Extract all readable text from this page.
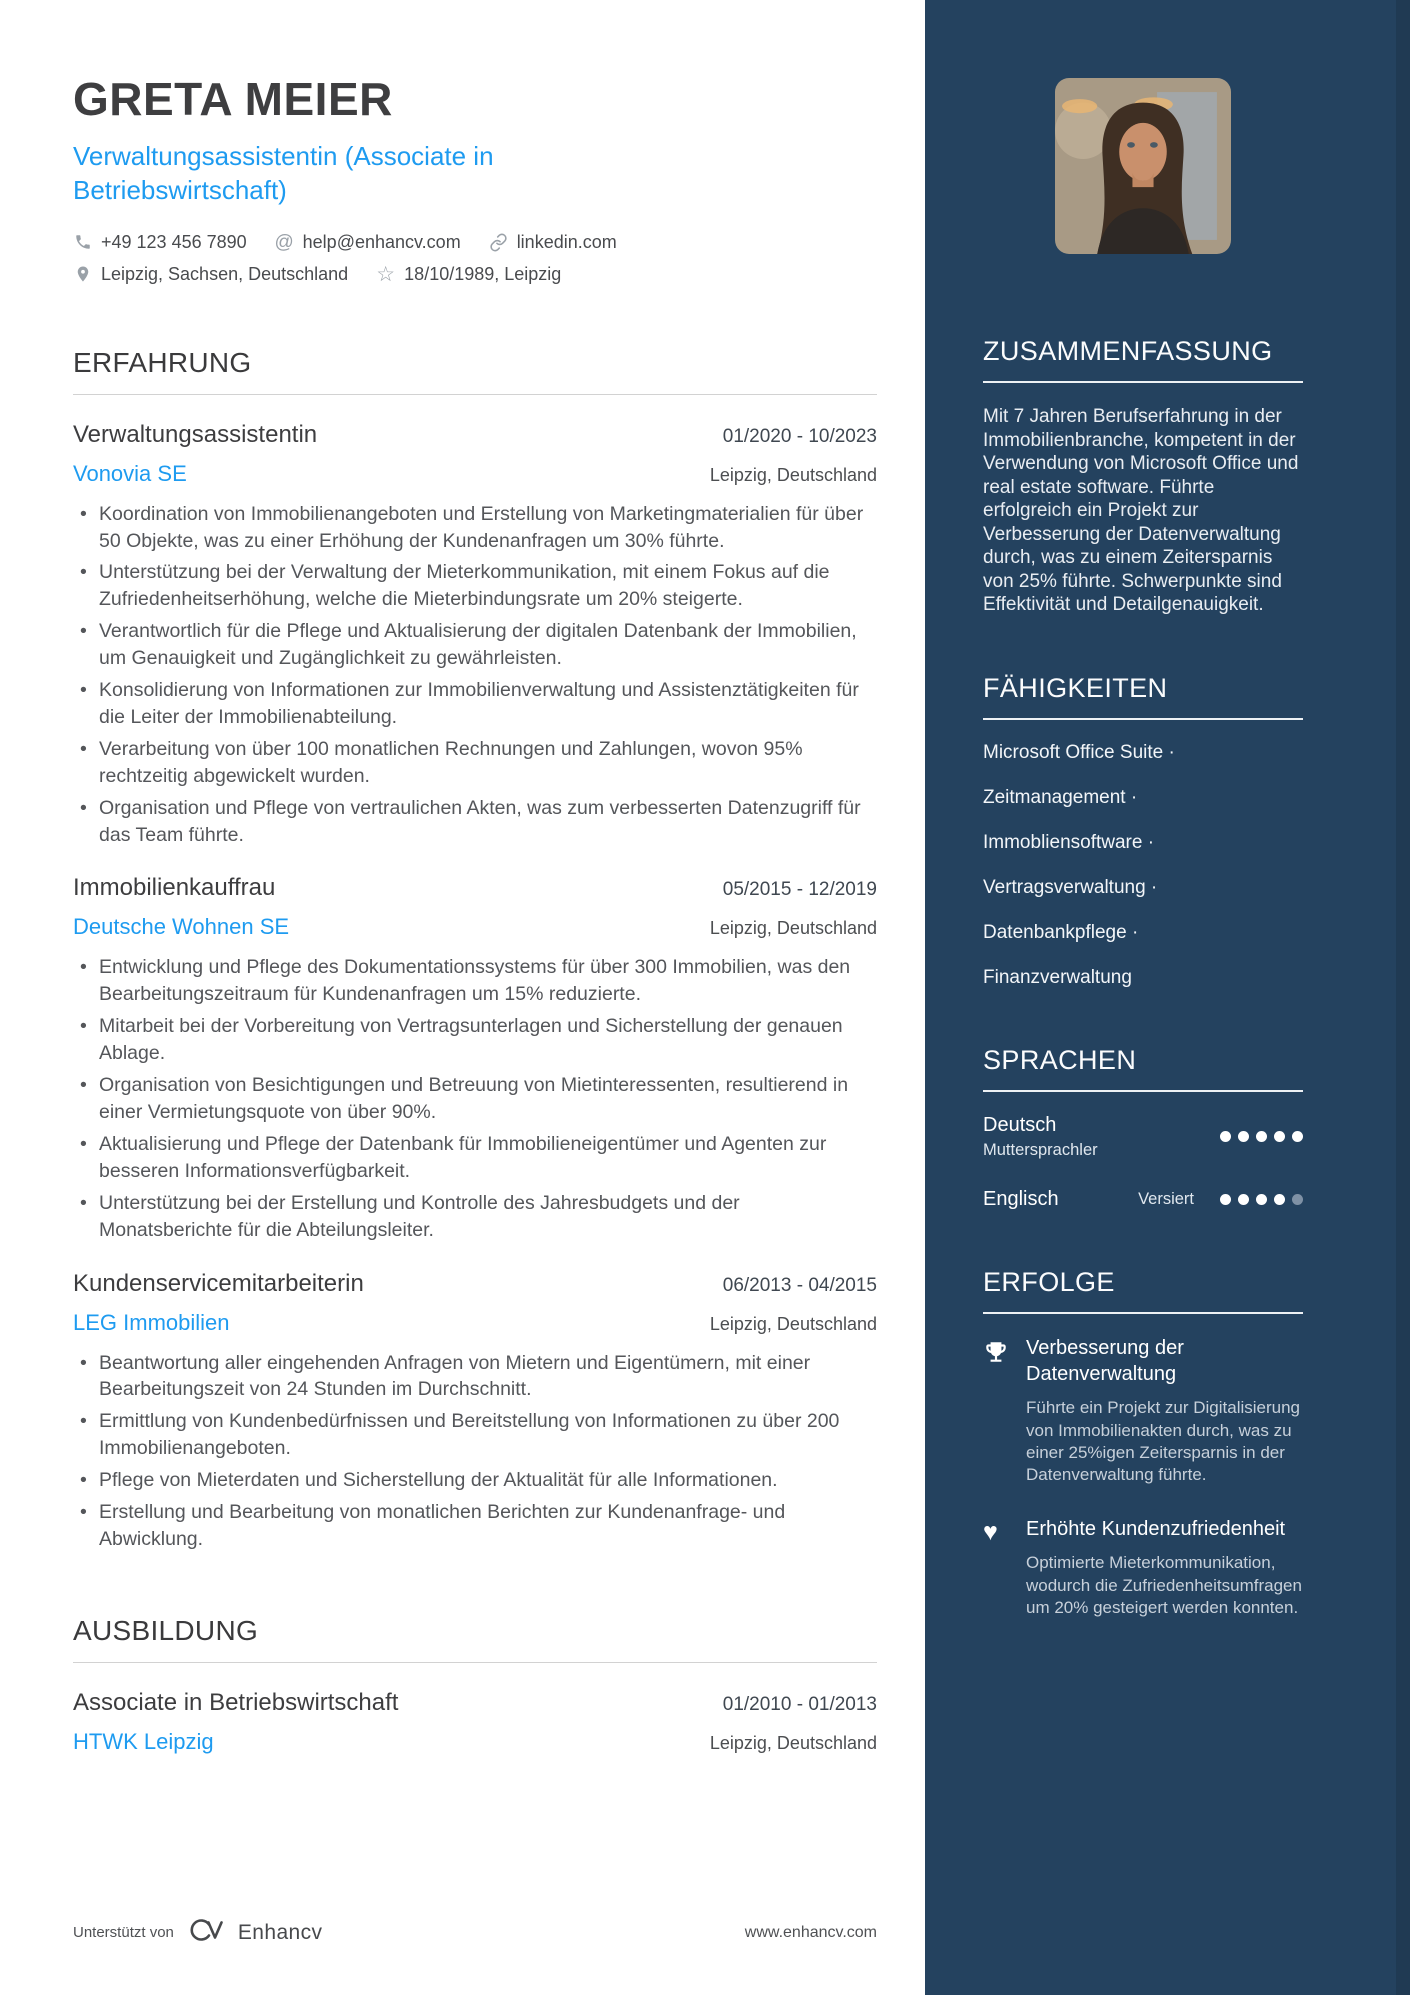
GRETA MEIER
Verwaltungsassistentin (Associate in Betriebswirtschaft)
+49 123 456 7890 @ help@enhancv.com	linkedin.com
Leipzig, Sachsen, Deutschland ☆ 18/10/1989, Leipzig
ERFAHRUNG
Verwaltungsassistentin	01/2020 - 10/2023
Vonovia SE	Leipzig, Deutschland
• Koordination von Immobilienangeboten und Erstellung von Marketingmaterialien für über 50 Objekte, was zu einer Erhöhung der Kundenanfragen um 30% führte.
• Unterstützung bei der Verwaltung der Mieterkommunikation, mit einem Fokus auf die Zufriedenheitserhöhung, welche die Mieterbindungsrate um 20% steigerte.
• Verantwortlich für die Pflege und Aktualisierung der digitalen Datenbank der Immobilien, um Genauigkeit und Zugänglichkeit zu gewährleisten.
• Konsolidierung von Informationen zur Immobilienverwaltung und Assistenztätigkeiten für die Leiter der Immobilienabteilung.
• Verarbeitung von über 100 monatlichen Rechnungen und Zahlungen, wovon 95% rechtzeitig abgewickelt wurden.
• Organisation und Pflege von vertraulichen Akten, was zum verbesserten Datenzugriff für das Team führte.
Immobilienkauffrau	05/2015 - 12/2019
Deutsche Wohnen SE	Leipzig, Deutschland
• Entwicklung und Pflege des Dokumentationssystems für über 300 Immobilien, was den Bearbeitungszeitraum für Kundenanfragen um 15% reduzierte.
• Mitarbeit bei der Vorbereitung von Vertragsunterlagen und Sicherstellung der genauen Ablage.
• Organisation von Besichtigungen und Betreuung von Mietinteressenten, resultierend in einer Vermietungsquote von über 90%.
• Aktualisierung und Pflege der Datenbank für Immobilieneigentümer und Agenten zur besseren Informationsverfügbarkeit.
• Unterstützung bei der Erstellung und Kontrolle des Jahresbudgets und der Monatsberichte für die Abteilungsleiter.
Kundenservicemitarbeiterin	06/2013 - 04/2015
LEG Immobilien	Leipzig, Deutschland
• Beantwortung aller eingehenden Anfragen von Mietern und Eigentümern, mit einer Bearbeitungszeit von 24 Stunden im Durchschnitt.
• Ermittlung von Kundenbedürfnissen und Bereitstellung von Informationen zu über 200 Immobilienangeboten.
• Pflege von Mieterdaten und Sicherstellung der Aktualität für alle Informationen.
• Erstellung und Bearbeitung von monatlichen Berichten zur Kundenanfrage- und Abwicklung.
AUSBILDUNG
Associate in Betriebswirtschaft	01/2010 - 01/2013
HTWK Leipzig	Leipzig, Deutschland
Unterstützt von	Enhancv	www.enhancv.com
ZUSAMMENFASSUNG
Mit 7 Jahren Berufserfahrung in der Immobilienbranche, kompetent in der Verwendung von Microsoft Office und real estate software. Führte erfolgreich ein Projekt zur Verbesserung der Datenverwaltung durch, was zu einem Zeitersparnis von 25% führte. Schwerpunkte sind Effektivität und Detailgenauigkeit.
FÄHIGKEITEN
Microsoft Office Suite ·
Zeitmanagement ·
Immobliensoftware ·
Vertragsverwaltung ·
Datenbankpflege ·
Finanzverwaltung
SPRACHEN
Deutsch
Muttersprachler
Englisch	Versiert
ERFOLGE
Verbesserung der Datenverwaltung
Führte ein Projekt zur Digitalisierung von Immobilienakten durch, was zu einer 25%igen Zeitersparnis in der Datenverwaltung führte.
♥	Erhöhte Kundenzufriedenheit
Optimierte Mieterkommunikation, wodurch die Zufriedenheitsumfragen um 20% gesteigert werden konnten.
